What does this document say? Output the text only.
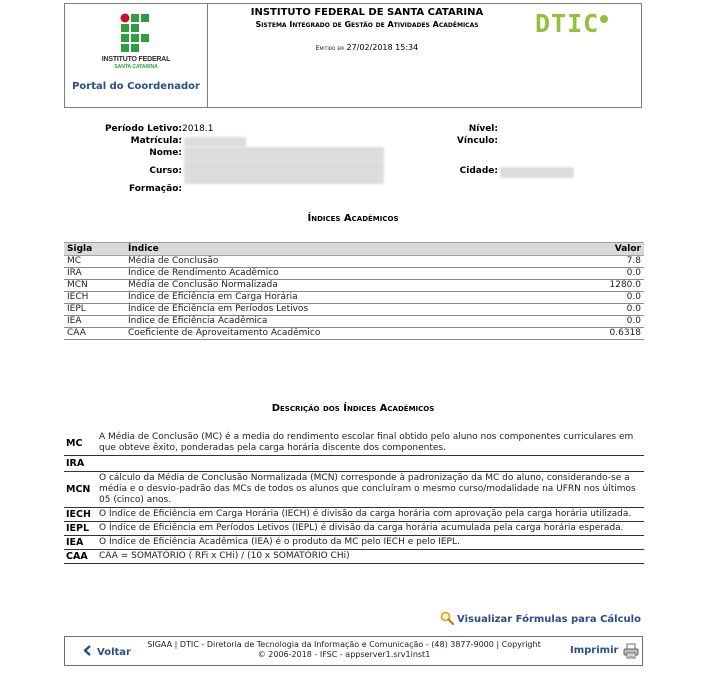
INSTITUTO FEDERAL
SANTA CATARINA
Portal do Coordenador
INSTITUTO FEDERAL DE SANTA CATARINA
Sistema Integrado de Gestão de Atividades Acadêmicas
Emitido em 27/02/2018 15:34
DTIC
Período Letivo: 2018.1
Matrícula:
Nome:
Curso:
Formação:
Nível:
Vínculo:
Cidade:
Índices Acadêmicos
Sigla	Índice	Valor
MC	Média de Conclusão	7.8
IRA	Índice de Rendimento Acadêmico	0.0
MCN	Média de Conclusão Normalizada	1280.0
IECH	Índice de Eficiência em Carga Horária	0.0
IEPL	Índice de Eficiência em Períodos Letivos	0.0
IEA	Índice de Eficiência Acadêmica	0.0
CAA	Coeficiente de Aproveitamento Acadêmico	0.6318
Descrição dos Índices Acadêmicos
MC	A Média de Conclusão (MC) é a media do rendimento escolar final obtido pelo aluno nos componentes curriculares em que obteve êxito, ponderadas pela carga horária discente dos componentes.
IRA	
MCN	O cálculo da Média de Conclusão Normalizada (MCN) corresponde à padronização da MC do aluno, considerando-se a média e o desvio-padrão das MCs de todos os alunos que concluíram o mesmo curso/modalidade na UFRN nos últimos 05 (cinco) anos.
IECH	O Índice de Eficiência em Carga Horária (IECH) é divisão da carga horária com aprovação pela carga horária utilizada.
IEPL	O Índice de Eficiência em Períodos Letivos (IEPL) é divisão da carga horária acumulada pela carga horária esperada.
IEA	O Índice de Eficiência Acadêmica (IEA) é o produto da MC pelo IECH e pelo IEPL.
CAA	CAA = SOMATÓRIO ( RFi x CHi) / (10 x SOMATÓRIO CHi)
Visualizar Fórmulas para Cálculo
Voltar
SIGAA | DTIC - Diretoria de Tecnologia da Informação e Comunicação - (48) 3877-9000 | Copyright © 2006-2018 - IFSC - appserver1.srv1inst1	Imprimir
